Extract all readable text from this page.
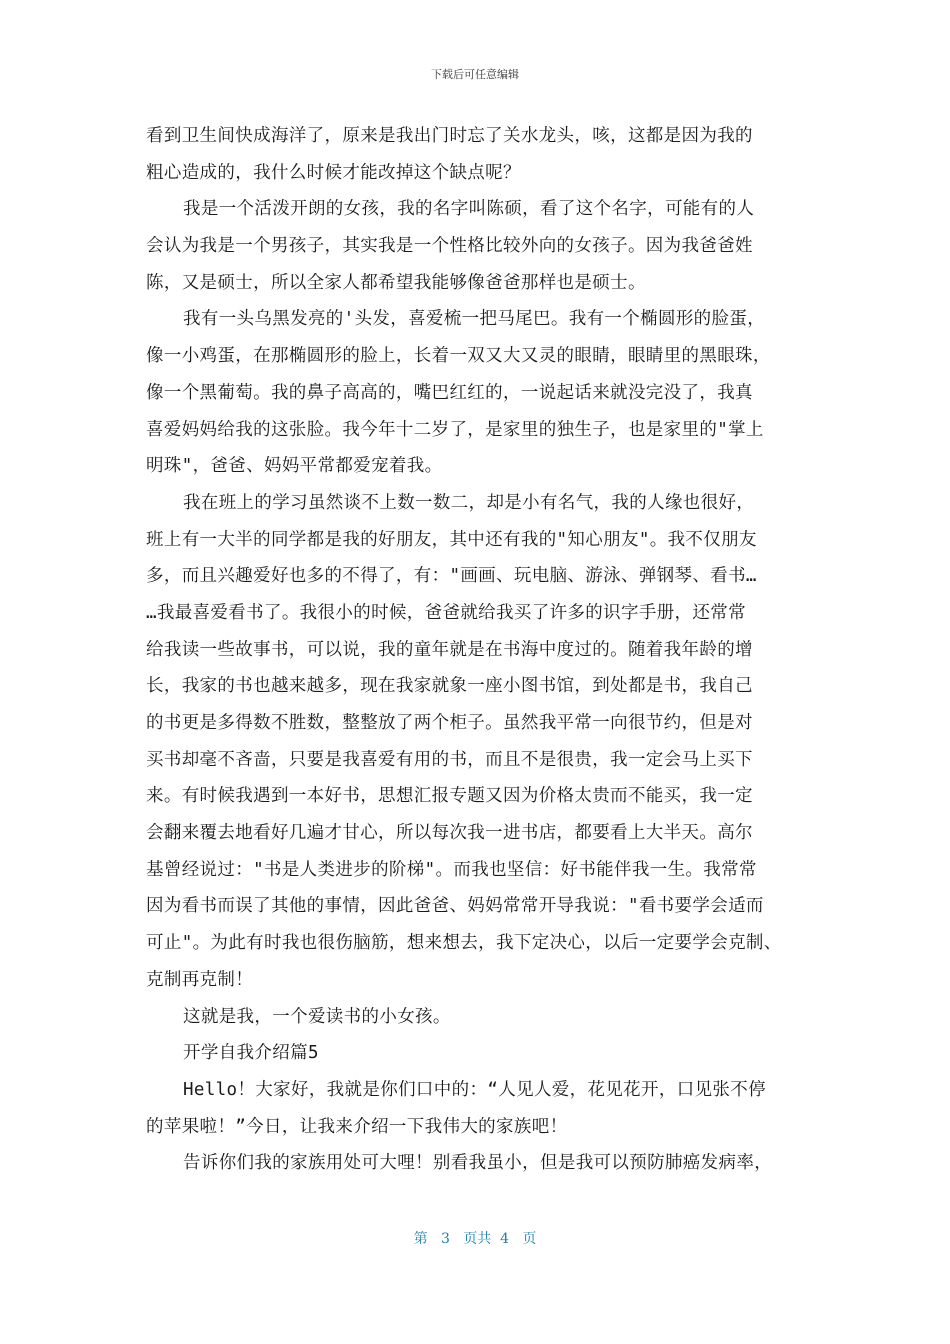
下载后可任意编辑
看到卫生间快成海洋了，原来是我出门时忘了关水龙头，咳，这都是因为我的
粗心造成的，我什么时候才能改掉这个缺点呢？
我是一个活泼开朗的女孩，我的名字叫陈硕，看了这个名字，可能有的人
会认为我是一个男孩子，其实我是一个性格比较外向的女孩子。因为我爸爸姓
陈，又是硕士，所以全家人都希望我能够像爸爸那样也是硕士。
我有一头乌黑发亮的'头发，喜爱梳一把马尾巴。我有一个椭圆形的脸蛋，
像一小鸡蛋，在那椭圆形的脸上，长着一双又大又灵的眼睛，眼睛里的黑眼珠，
像一个黑葡萄。我的鼻子高高的，嘴巴红红的，一说起话来就没完没了，我真
喜爱妈妈给我的这张脸。我今年十二岁了，是家里的独生子，也是家里的"掌上
明珠"，爸爸、妈妈平常都爱宠着我。
我在班上的学习虽然谈不上数一数二，却是小有名气，我的人缘也很好，
班上有一大半的同学都是我的好朋友，其中还有我的"知心朋友"。我不仅朋友
多，而且兴趣爱好也多的不得了，有："画画、玩电脑、游泳、弹钢琴、看书…
…我最喜爱看书了。我很小的时候，爸爸就给我买了许多的识字手册，还常常
给我读一些故事书，可以说，我的童年就是在书海中度过的。随着我年龄的增
长，我家的书也越来越多，现在我家就象一座小图书馆，到处都是书，我自己
的书更是多得数不胜数，整整放了两个柜子。虽然我平常一向很节约，但是对
买书却毫不吝啬，只要是我喜爱有用的书，而且不是很贵，我一定会马上买下
来。有时候我遇到一本好书，思想汇报专题又因为价格太贵而不能买，我一定
会翻来覆去地看好几遍才甘心，所以每次我一进书店，都要看上大半天。高尔
基曾经说过："书是人类进步的阶梯"。而我也坚信：好书能伴我一生。我常常
因为看书而误了其他的事情，因此爸爸、妈妈常常开导我说："看书要学会适而
可止"。为此有时我也很伤脑筋，想来想去，我下定决心，以后一定要学会克制、
克制再克制！
这就是我，一个爱读书的小女孩。
开学自我介绍篇5
Hello！大家好，我就是你们口中的：“人见人爱，花见花开，口见张不停
的苹果啦！”今日，让我来介绍一下我伟大的家族吧！
告诉你们我的家族用处可大哩！别看我虽小，但是我可以预防肺癌发病率，
第 3 页共 4 页
